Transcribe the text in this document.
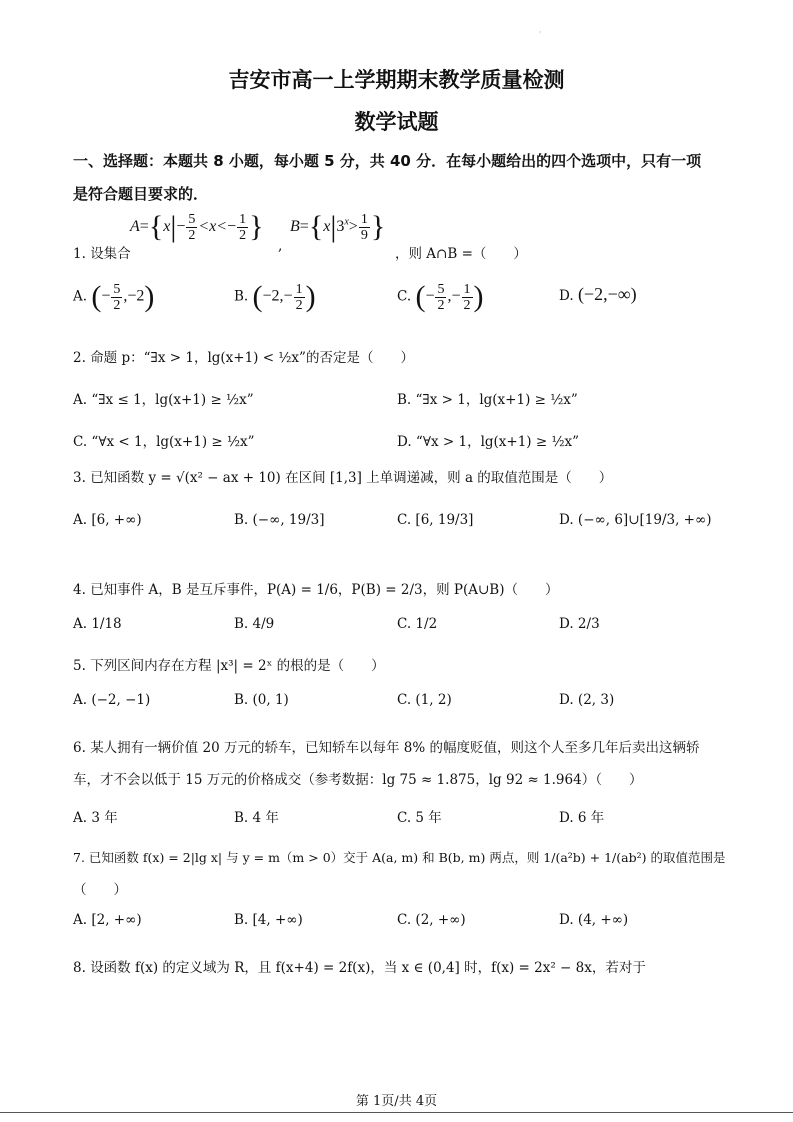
·
吉安市高一上学期期末教学质量检测
数学试题
一、选择题：本题共 8 小题，每小题 5 分，共 40 分．在每小题给出的四个选项中，只有一项
是符合题目要求的．
$A=\{x|- \frac{5}{2} <x<- \frac{1}{2}$ } $B=\{x|3^x> \frac{1}{9}$ }
1. 设集合	,	，则 A∩B =（　　）
A. (− $\frac{5}{2} ,-2$)	B. ($-2,- \frac{1}{2}$ )	C. (− $\frac{5}{2}$ ,− $\frac{1}{2}$ )	D. (−2,−∞)
2. 命题 p：“∃x > 1，lg(x+1) < ½x”的否定是（　　）
A. “∃x ≤ 1，lg(x+1) ≥ ½x”	B. “∃x > 1，lg(x+1) ≥ ½x”
C. “∀x < 1，lg(x+1) ≥ ½x”	D. “∀x > 1，lg(x+1) ≥ ½x”
3. 已知函数 y = √(x² − ax + 10) 在区间 [1,3] 上单调递减，则 a 的取值范围是（　　）
A. [6, +∞)	B. (−∞, 19/3]	C. [6, 19/3]	D. (−∞, 6]∪[19/3, +∞)
4. 已知事件 A，B 是互斥事件，P(A) = 1/6，P(B) = 2/3，则 P(A∪B)（　　）
A. 1/18	B. 4/9	C. 1/2	D. 2/3
5. 下列区间内存在方程 |x³| = 2ˣ 的根的是（　　）
A. (−2, −1)	B. (0, 1)	C. (1, 2)	D. (2, 3)
6. 某人拥有一辆价值 20 万元的轿车，已知轿车以每年 8% 的幅度贬值，则这个人至多几年后卖出这辆轿
车，才不会以低于 15 万元的价格成交（参考数据：lg 75 ≈ 1.875，lg 92 ≈ 1.964）（　　）
A. 3 年	B. 4 年	C. 5 年	D. 6 年
7. 已知函数 f(x) = 2|lg x| 与 y = m（m > 0）交于 A(a, m) 和 B(b, m) 两点，则 1/(a²b) + 1/(ab²) 的取值范围是
（　　）
A. [2, +∞)	B. [4, +∞)	C. (2, +∞)	D. (4, +∞)
8. 设函数 f(x) 的定义域为 R，且 f(x+4) = 2f(x)，当 x ∈ (0,4] 时，f(x) = 2x² − 8x，若对于
第 1页/共 4页
